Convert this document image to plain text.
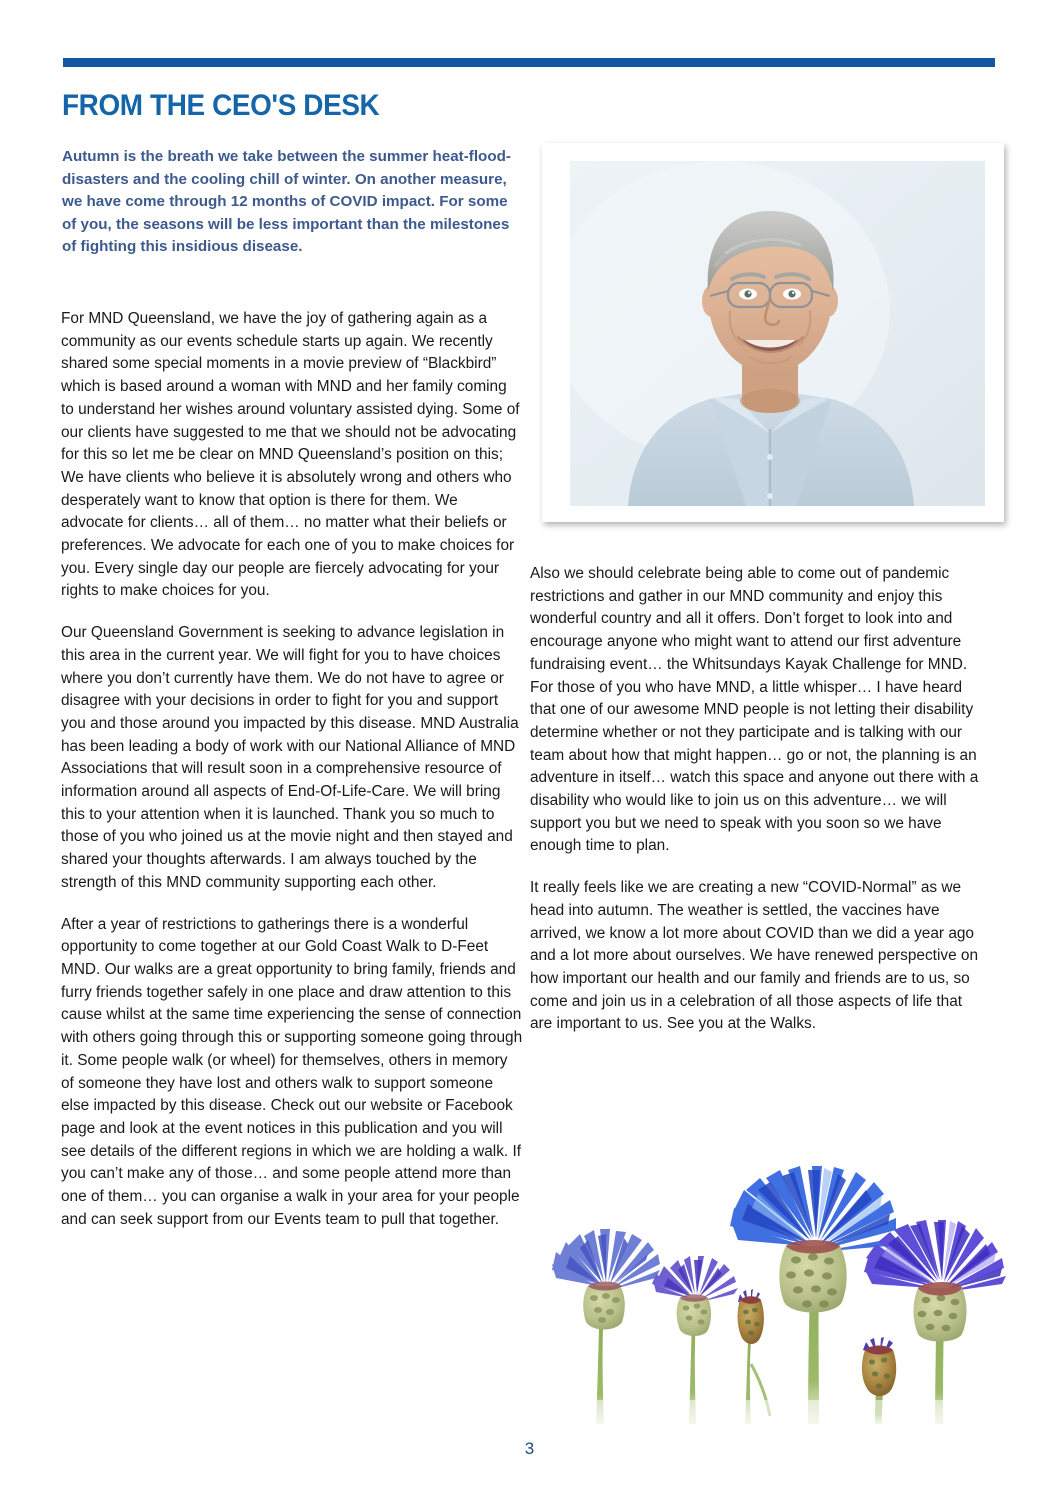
FROM THE CEO'S DESK
Autumn is the breath we take between the summer heat-flood-disasters and the cooling chill of winter. On another measure, we have come through 12 months of COVID impact. For some of you, the seasons will be less important than the milestones of fighting this insidious disease.

For MND Queensland, we have the joy of gathering again as a community as our events schedule starts up again. We recently shared some special moments in a movie preview of “Blackbird” which is based around a woman with MND and her family coming to understand her wishes around voluntary assisted dying. Some of our clients have suggested to me that we should not be advocating for this so let me be clear on MND Queensland’s position on this; We have clients who believe it is absolutely wrong and others who desperately want to know that option is there for them. We advocate for clients… all of them… no matter what their beliefs or preferences. We advocate for each one of you to make choices for you. Every single day our people are fiercely advocating for your rights to make choices for you.

Our Queensland Government is seeking to advance legislation in this area in the current year. We will fight for you to have choices where you don’t currently have them. We do not have to agree or disagree with your decisions in order to fight for you and support you and those around you impacted by this disease. MND Australia has been leading a body of work with our National Alliance of MND Associations that will result soon in a comprehensive resource of information around all aspects of End-Of-Life-Care. We will bring this to your attention when it is launched. Thank you so much to those of you who joined us at the movie night and then stayed and shared your thoughts afterwards. I am always touched by the strength of this MND community supporting each other.

After a year of restrictions to gatherings there is a wonderful opportunity to come together at our Gold Coast Walk to D-Feet MND. Our walks are a great opportunity to bring family, friends and furry friends together safely in one place and draw attention to this cause whilst at the same time experiencing the sense of connection with others going through this or supporting someone going through it. Some people walk (or wheel) for themselves, others in memory of someone they have lost and others walk to support someone else impacted by this disease. Check out our website or Facebook page and look at the event notices in this publication and you will see details of the different regions in which we are holding a walk. If you can’t make any of those… and some people attend more than one of them… you can organise a walk in your area for your people and can seek support from our Events team to pull that together.

Also we should celebrate being able to come out of pandemic restrictions and gather in our MND community and enjoy this wonderful country and all it offers. Don’t forget to look into and encourage anyone who might want to attend our first adventure fundraising event… the Whitsundays Kayak Challenge for MND. For those of you who have MND, a little whisper… I have heard that one of our awesome MND people is not letting their disability determine whether or not they participate and is talking with our team about how that might happen… go or not, the planning is an adventure in itself… watch this space and anyone out there with a disability who would like to join us on this adventure… we will support you but we need to speak with you soon so we have enough time to plan.

It really feels like we are creating a new “COVID-Normal” as we head into autumn. The weather is settled, the vaccines have arrived, we know a lot more about COVID than we did a year ago and a lot more about ourselves. We have renewed perspective on how important our health and our family and friends are to us, so come and join us in a celebration of all those aspects of life that are important to us. See you at the Walks.

3
